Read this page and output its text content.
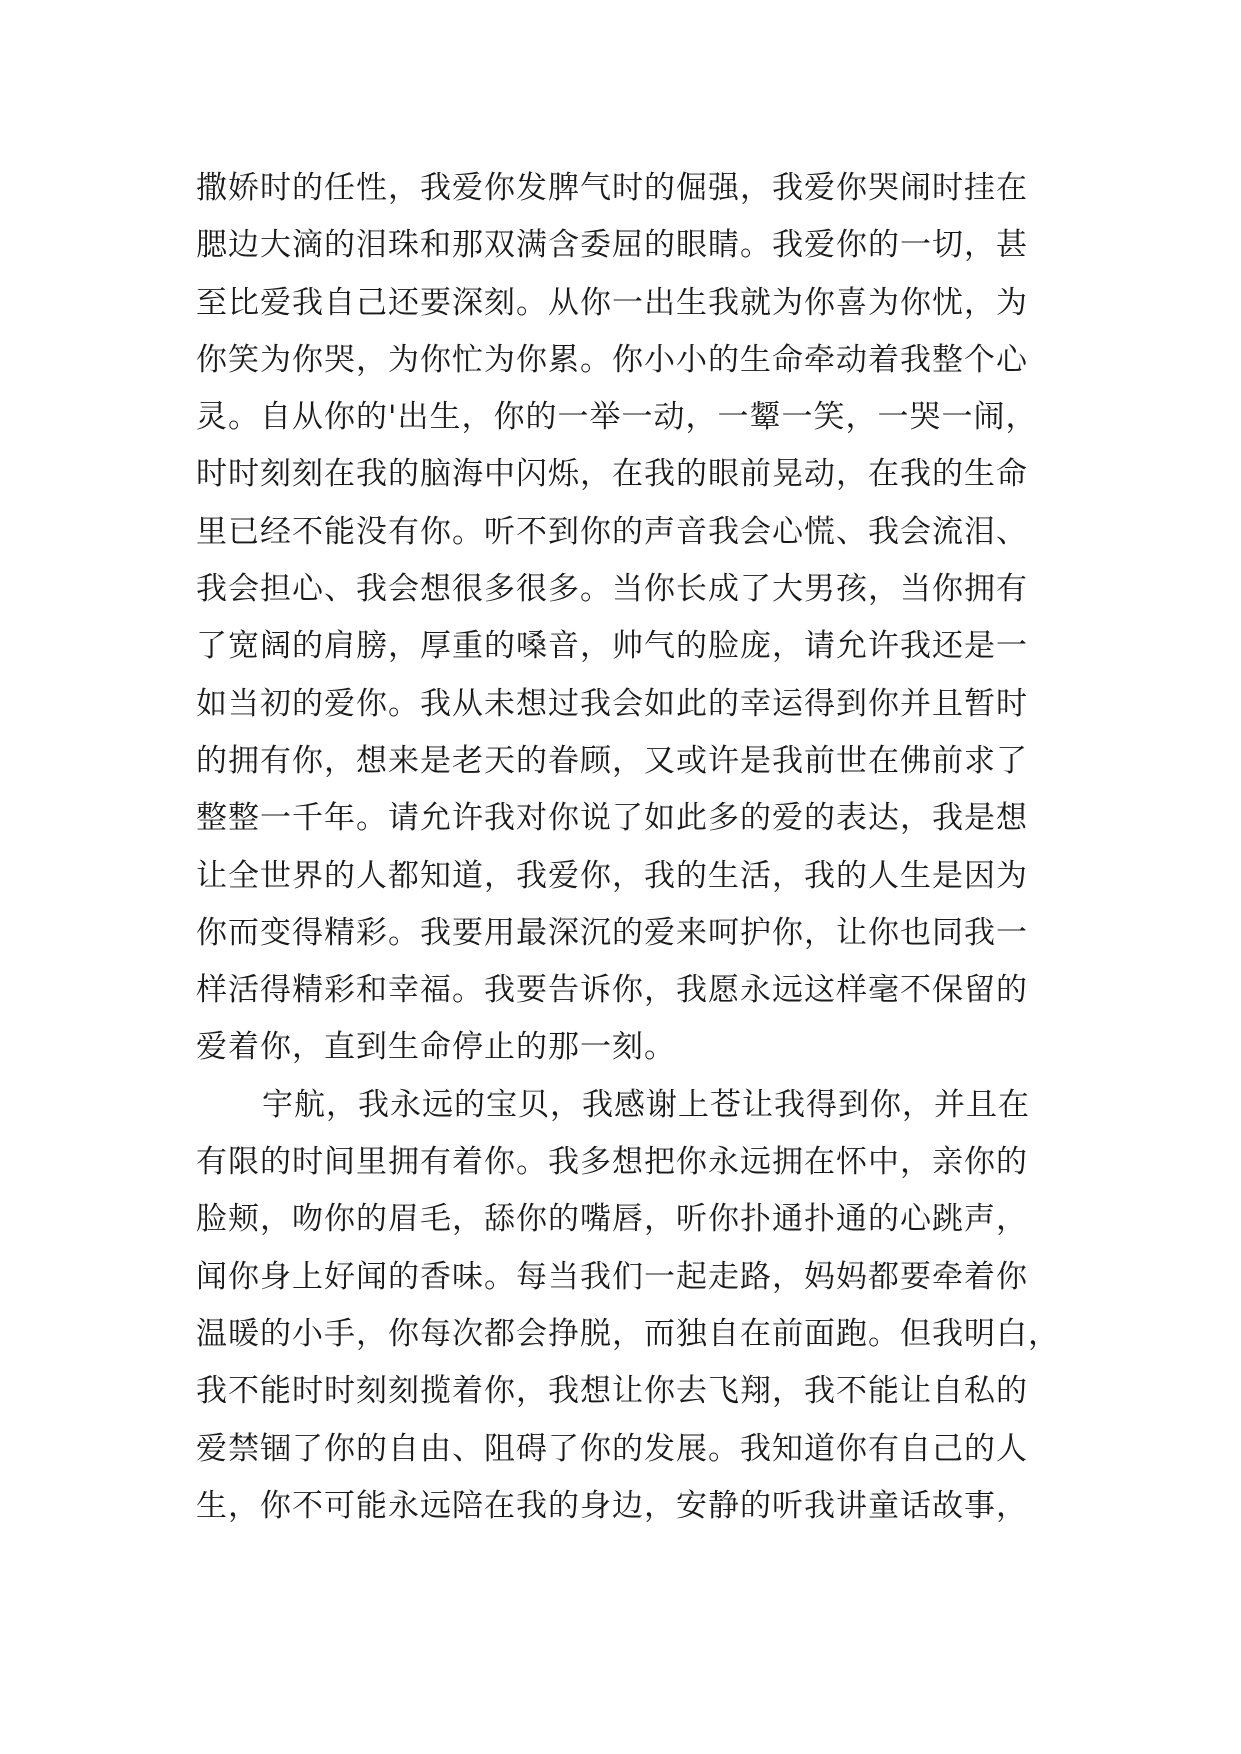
撒娇时的任性，我爱你发脾气时的倔强，我爱你哭闹时挂在
腮边大滴的泪珠和那双满含委屈的眼睛。我爱你的一切，甚
至比爱我自己还要深刻。从你一出生我就为你喜为你忧，为
你笑为你哭，为你忙为你累。你小小的生命牵动着我整个心
灵。自从你的'出生，你的一举一动，一颦一笑，一哭一闹，
时时刻刻在我的脑海中闪烁，在我的眼前晃动，在我的生命
里已经不能没有你。听不到你的声音我会心慌、我会流泪、
我会担心、我会想很多很多。当你长成了大男孩，当你拥有
了宽阔的肩膀，厚重的嗓音，帅气的脸庞，请允许我还是一
如当初的爱你。我从未想过我会如此的幸运得到你并且暂时
的拥有你，想来是老天的眷顾，又或许是我前世在佛前求了
整整一千年。请允许我对你说了如此多的爱的表达，我是想
让全世界的人都知道，我爱你，我的生活，我的人生是因为
你而变得精彩。我要用最深沉的爱来呵护你，让你也同我一
样活得精彩和幸福。我要告诉你，我愿永远这样毫不保留的
爱着你，直到生命停止的那一刻。
宇航，我永远的宝贝，我感谢上苍让我得到你，并且在
有限的时间里拥有着你。我多想把你永远拥在怀中，亲你的
脸颊，吻你的眉毛，舔你的嘴唇，听你扑通扑通的心跳声，
闻你身上好闻的香味。每当我们一起走路，妈妈都要牵着你
温暖的小手，你每次都会挣脱，而独自在前面跑。但我明白，
我不能时时刻刻揽着你，我想让你去飞翔，我不能让自私的
爱禁锢了你的自由、阻碍了你的发展。我知道你有自己的人
生，你不可能永远陪在我的身边，安静的听我讲童话故事，
